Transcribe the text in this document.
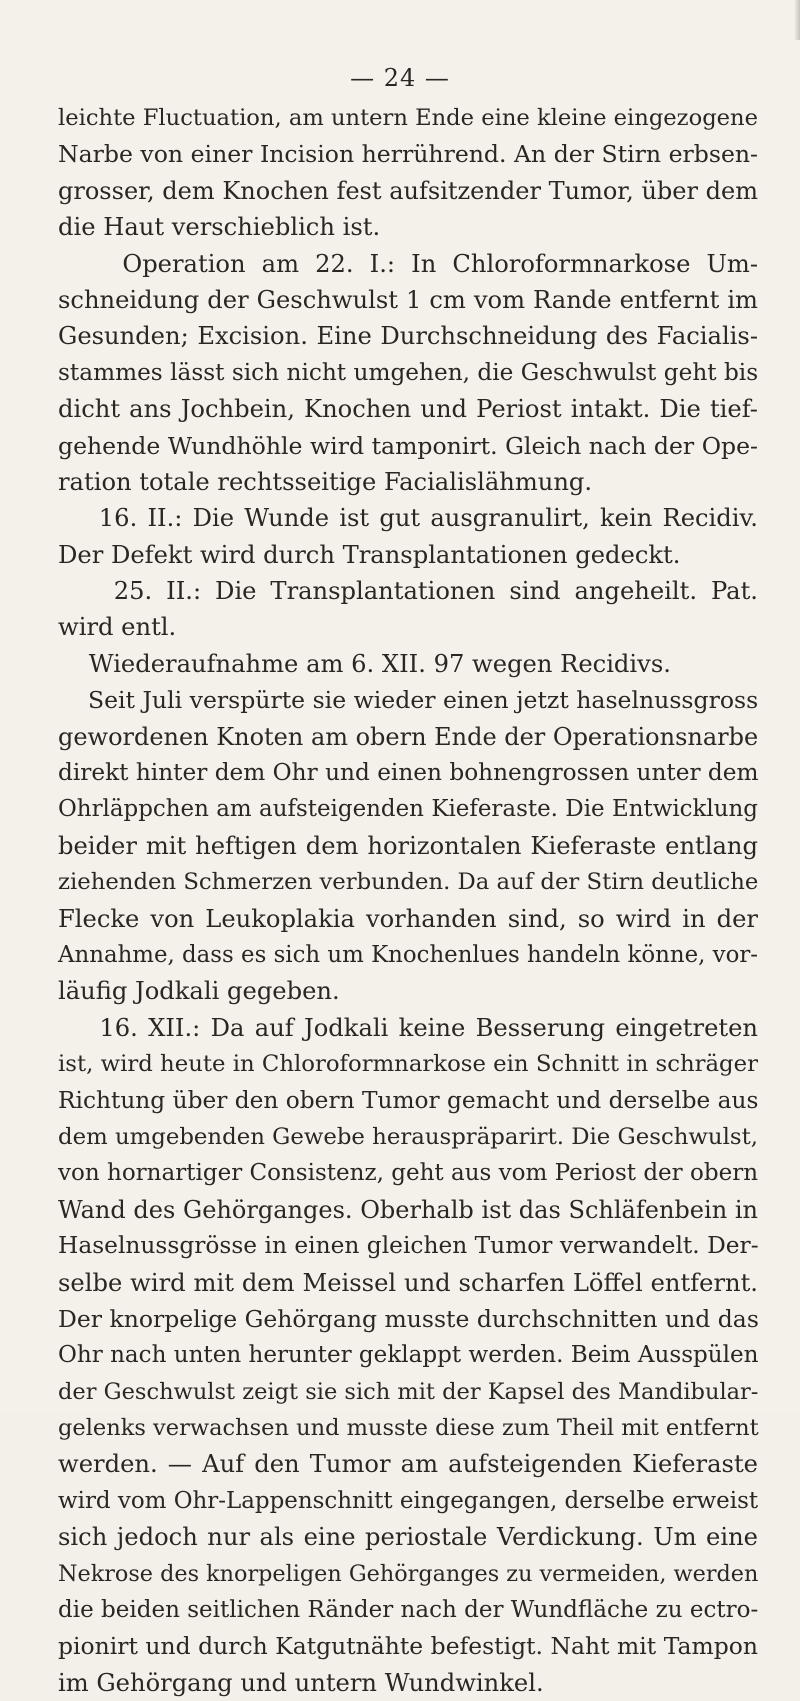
— 24 —
leichte Fluctuation, am untern Ende eine kleine eingezogene
Narbe von einer Incision herrührend. An der Stirn erbsen-
grosser, dem Knochen fest aufsitzender Tumor, über dem
die Haut verschieblich ist.
Operation am 22. I.: In Chloroformnarkose Um-
schneidung der Geschwulst 1 cm vom Rande entfernt im
Gesunden; Excision. Eine Durchschneidung des Facialis-
stammes lässt sich nicht umgehen, die Geschwulst geht bis
dicht ans Jochbein, Knochen und Periost intakt. Die tief-
gehende Wundhöhle wird tamponirt. Gleich nach der Ope-
ration totale rechtsseitige Facialislähmung.
16. II.: Die Wunde ist gut ausgranulirt, kein Recidiv.
Der Defekt wird durch Transplantationen gedeckt.
25. II.: Die Transplantationen sind angeheilt. Pat.
wird entl.
Wiederaufnahme am 6. XII. 97 wegen Recidivs.
Seit Juli verspürte sie wieder einen jetzt haselnussgross
gewordenen Knoten am obern Ende der Operationsnarbe
direkt hinter dem Ohr und einen bohnengrossen unter dem
Ohrläppchen am aufsteigenden Kieferaste. Die Entwicklung
beider mit heftigen dem horizontalen Kieferaste entlang
ziehenden Schmerzen verbunden. Da auf der Stirn deutliche
Flecke von Leukoplakia vorhanden sind, so wird in der
Annahme, dass es sich um Knochenlues handeln könne, vor-
läufig Jodkali gegeben.
16. XII.: Da auf Jodkali keine Besserung eingetreten
ist, wird heute in Chloroformnarkose ein Schnitt in schräger
Richtung über den obern Tumor gemacht und derselbe aus
dem umgebenden Gewebe herauspräparirt. Die Geschwulst,
von hornartiger Consistenz, geht aus vom Periost der obern
Wand des Gehörganges. Oberhalb ist das Schläfenbein in
Haselnussgrösse in einen gleichen Tumor verwandelt. Der-
selbe wird mit dem Meissel und scharfen Löffel entfernt.
Der knorpelige Gehörgang musste durchschnitten und das
Ohr nach unten herunter geklappt werden. Beim Ausspülen
der Geschwulst zeigt sie sich mit der Kapsel des Mandibular-
gelenks verwachsen und musste diese zum Theil mit entfernt
werden. — Auf den Tumor am aufsteigenden Kieferaste
wird vom Ohr-Lappenschnitt eingegangen, derselbe erweist
sich jedoch nur als eine periostale Verdickung. Um eine
Nekrose des knorpeligen Gehörganges zu vermeiden, werden
die beiden seitlichen Ränder nach der Wundfläche zu ectro-
pionirt und durch Katgutnähte befestigt. Naht mit Tampon
im Gehörgang und untern Wundwinkel.
